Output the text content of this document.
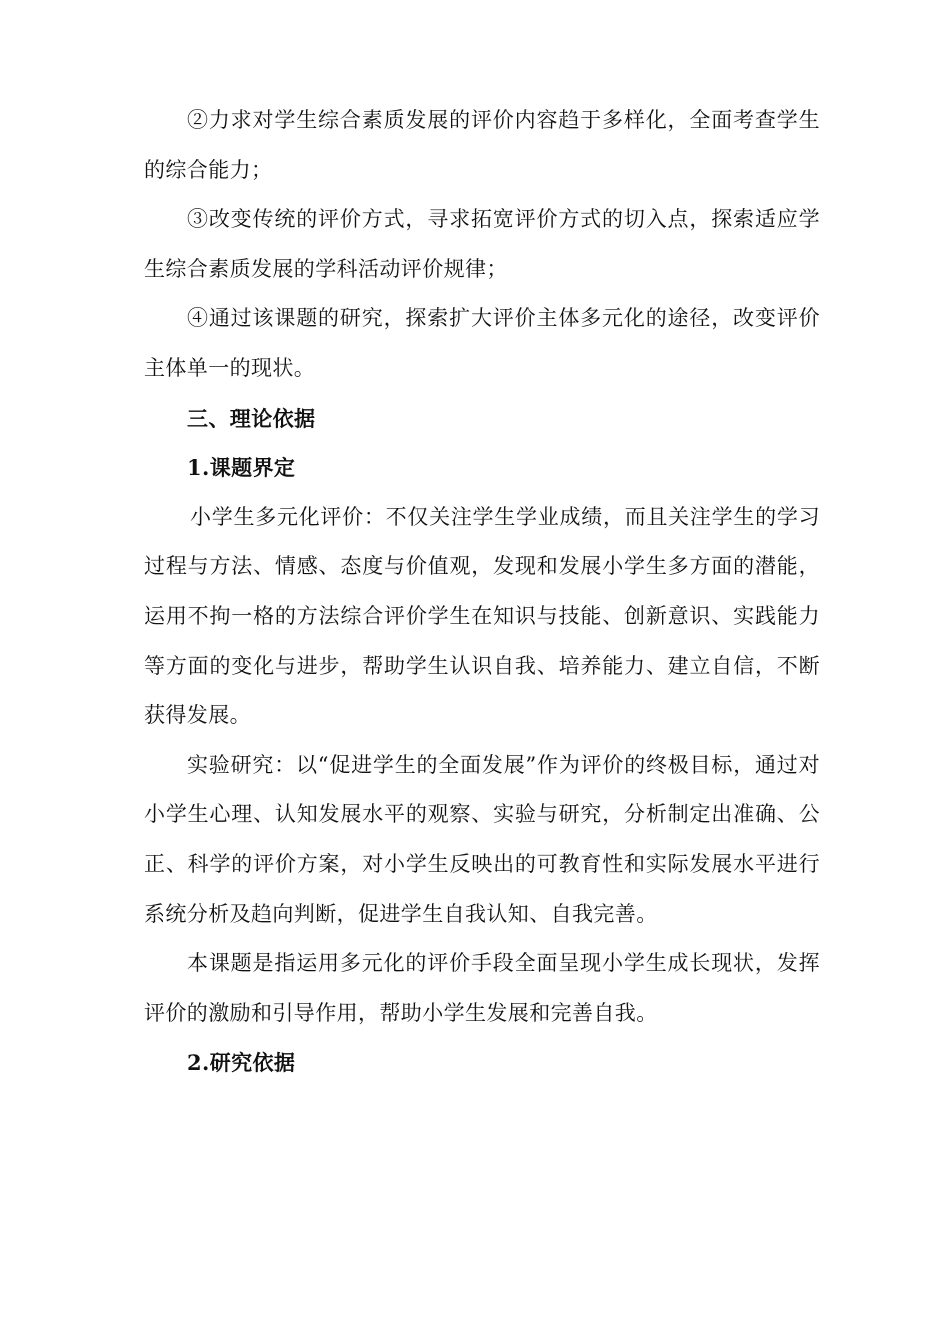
②力求对学生综合素质发展的评价内容趋于多样化，全面考查学生的综合能力；

③改变传统的评价方式，寻求拓宽评价方式的切入点，探索适应学生综合素质发展的学科活动评价规律；

④通过该课题的研究，探索扩大评价主体多元化的途径，改变评价主体单一的现状。

三、理论依据

1.课题界定

小学生多元化评价：不仅关注学生学业成绩，而且关注学生的学习过程与方法、情感、态度与价值观，发现和发展小学生多方面的潜能，运用不拘一格的方法综合评价学生在知识与技能、创新意识、实践能力等方面的变化与进步，帮助学生认识自我、培养能力、建立自信，不断获得发展。

实验研究：以“促进学生的全面发展”作为评价的终极目标，通过对小学生心理、认知发展水平的观察、实验与研究，分析制定出准确、公正、科学的评价方案，对小学生反映出的可教育性和实际发展水平进行系统分析及趋向判断，促进学生自我认知、自我完善。

本课题是指运用多元化的评价手段全面呈现小学生成长现状，发挥评价的激励和引导作用，帮助小学生发展和完善自我。

2.研究依据
